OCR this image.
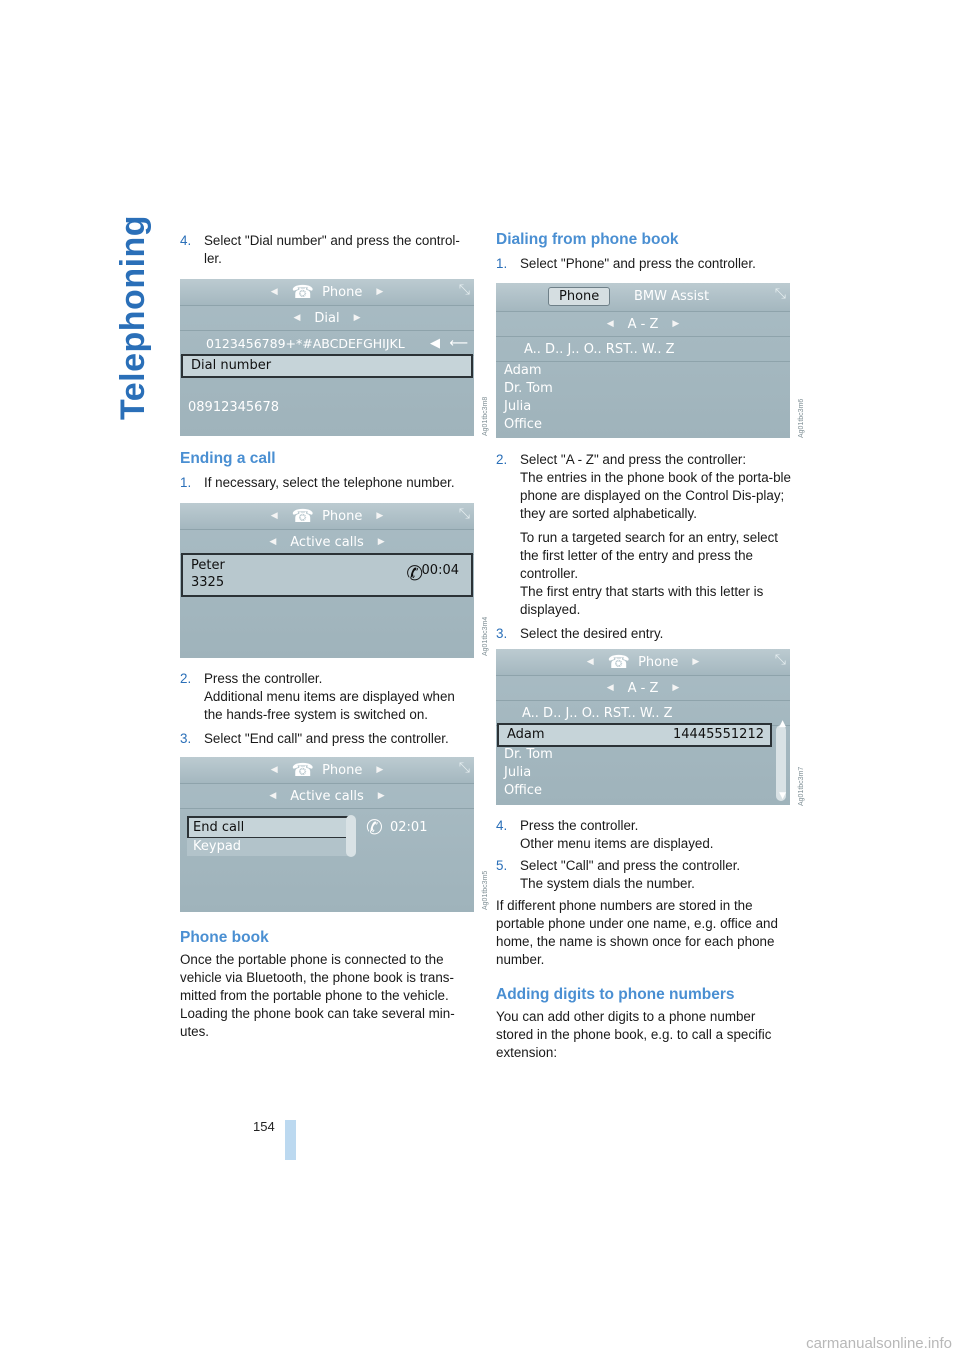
Telephoning
154
4. Select "Dial number" and press the control-ler.
◀ ☎ Phone ▶	⤡
◀ Dial ▶
0123456789+*#ABCDEFGHIJKL ◀ ⟵
Dial number
08912345678	Ag01tbc3m8
Ending a call
1. If necessary, select the telephone number.
◀ ☎ Phone ▶	⤡
◀ Active calls ▶
Peter
3325	✆
00:04
Ag01tbc3m4
2. Press the controller.
Additional menu items are displayed when the hands-free system is switched on.
3. Select "End call" and press the controller.
◀ ☎ Phone ▶	⤡
◀ Active calls ▶
End call
Keypad
✆ 02:01
Ag01tbc3m5
Phone book

Once the portable phone is connected to the vehicle via Bluetooth, the phone book is trans-mitted from the portable phone to the vehicle. Loading the phone book can take several min-utes.

Dialing from phone book
1. Select "Phone" and press the controller.
Phone	BMW Assist	⤡
◀ A - Z ▶
A.. D.. J.. O.. RST.. W.. Z
Adam
Dr. Tom
Julia
Office	Ag01tbc3m6
2. Select "A - Z" and press the controller:
The entries in the phone book of the porta-ble phone are displayed on the Control Dis-play; they are sorted alphabetically.
To run a targeted search for an entry, select the first letter of the entry and press the controller.
The first entry that starts with this letter is displayed.
3. Select the desired entry.
◀ ☎ Phone ▶	⤡
◀ A - Z ▶
A.. D.. J.. O.. RST.. W.. Z
Adam	14445551212
Dr. Tom
Julia
Office
▲
▼ Ag01tbc3m7
4. Press the controller.
Other menu items are displayed.
5. Select "Call" and press the controller.
The system dials the number.

If different phone numbers are stored in the portable phone under one name, e.g. office and home, the name is shown once for each phone number.

Adding digits to phone numbers

You can add other digits to a phone number stored in the phone book, e.g. to call a specific extension:

carmanualsonline.info
